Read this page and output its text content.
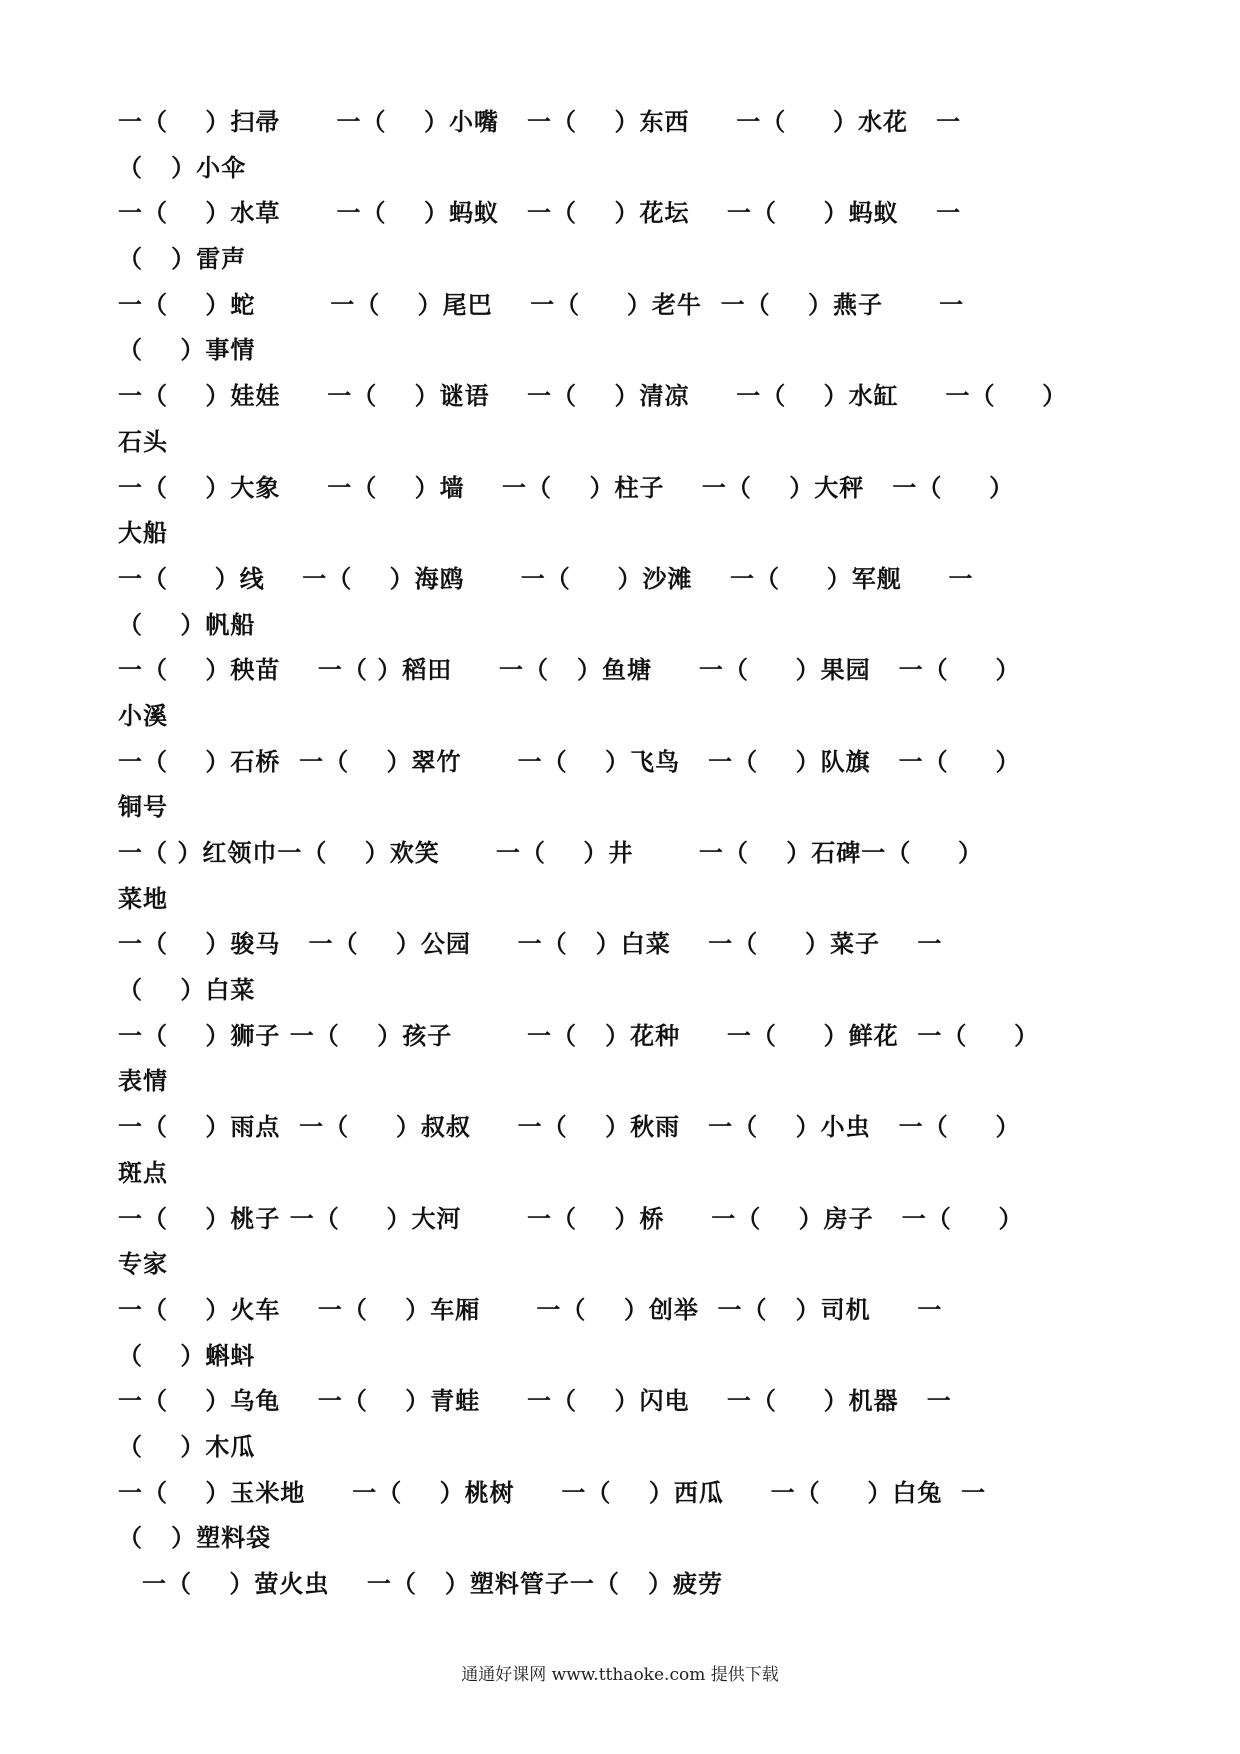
一（    ）扫帚      一（    ）小嘴   一（    ）东西     一（     ）水花   一
（   ）小伞
一（    ）水草      一（    ）蚂蚁   一（    ）花坛    一（     ）蚂蚁    一
（   ）雷声
一（    ）蛇        一（    ）尾巴    一（     ）老牛  一（    ）燕子      一
（    ）事情
一（    ）娃娃     一（    ）谜语    一（    ）清凉     一（    ）水缸     一（     ）
石头
一（    ）大象     一（    ）墙    一（    ）柱子    一（    ）大秤   一（     ）
大船
一（     ）线    一（    ）海鸥      一（     ）沙滩    一（     ）军舰     一
（    ）帆船
一（    ）秧苗    一（ ）稻田     一（   ）鱼塘     一（     ）果园   一（     ）
小溪
一（    ）石桥  一（    ）翠竹      一（    ）飞鸟   一（    ）队旗   一（     ）
铜号
一（ ）红领巾一（    ）欢笑      一（    ）井       一（    ）石碑一（     ）
菜地
一（    ）骏马   一（    ）公园     一（   ）白菜    一（     ）菜子    一
（    ）白菜
一（    ）狮子 一（    ）孩子        一（   ）花种     一（     ）鲜花  一（     ）
表情
一（    ）雨点  一（     ）叔叔     一（    ）秋雨   一（    ）小虫   一（     ）
斑点
一（    ）桃子 一（     ）大河       一（    ）桥     一（    ）房子   一（     ）
专家
一（    ）火车    一（    ）车厢      一（    ）创举  一（   ）司机     一
（    ）蝌蚪
一（    ）乌龟    一（    ）青蛙     一（    ）闪电    一（     ）机器   一
（    ）木瓜
一（    ）玉米地     一（    ）桃树     一（    ）西瓜     一（     ）白兔  一
（   ）塑料袋
一（    ）萤火虫    一（   ）塑料管子一（   ）疲劳
通通好课网 www.tthaoke.com 提供下载
